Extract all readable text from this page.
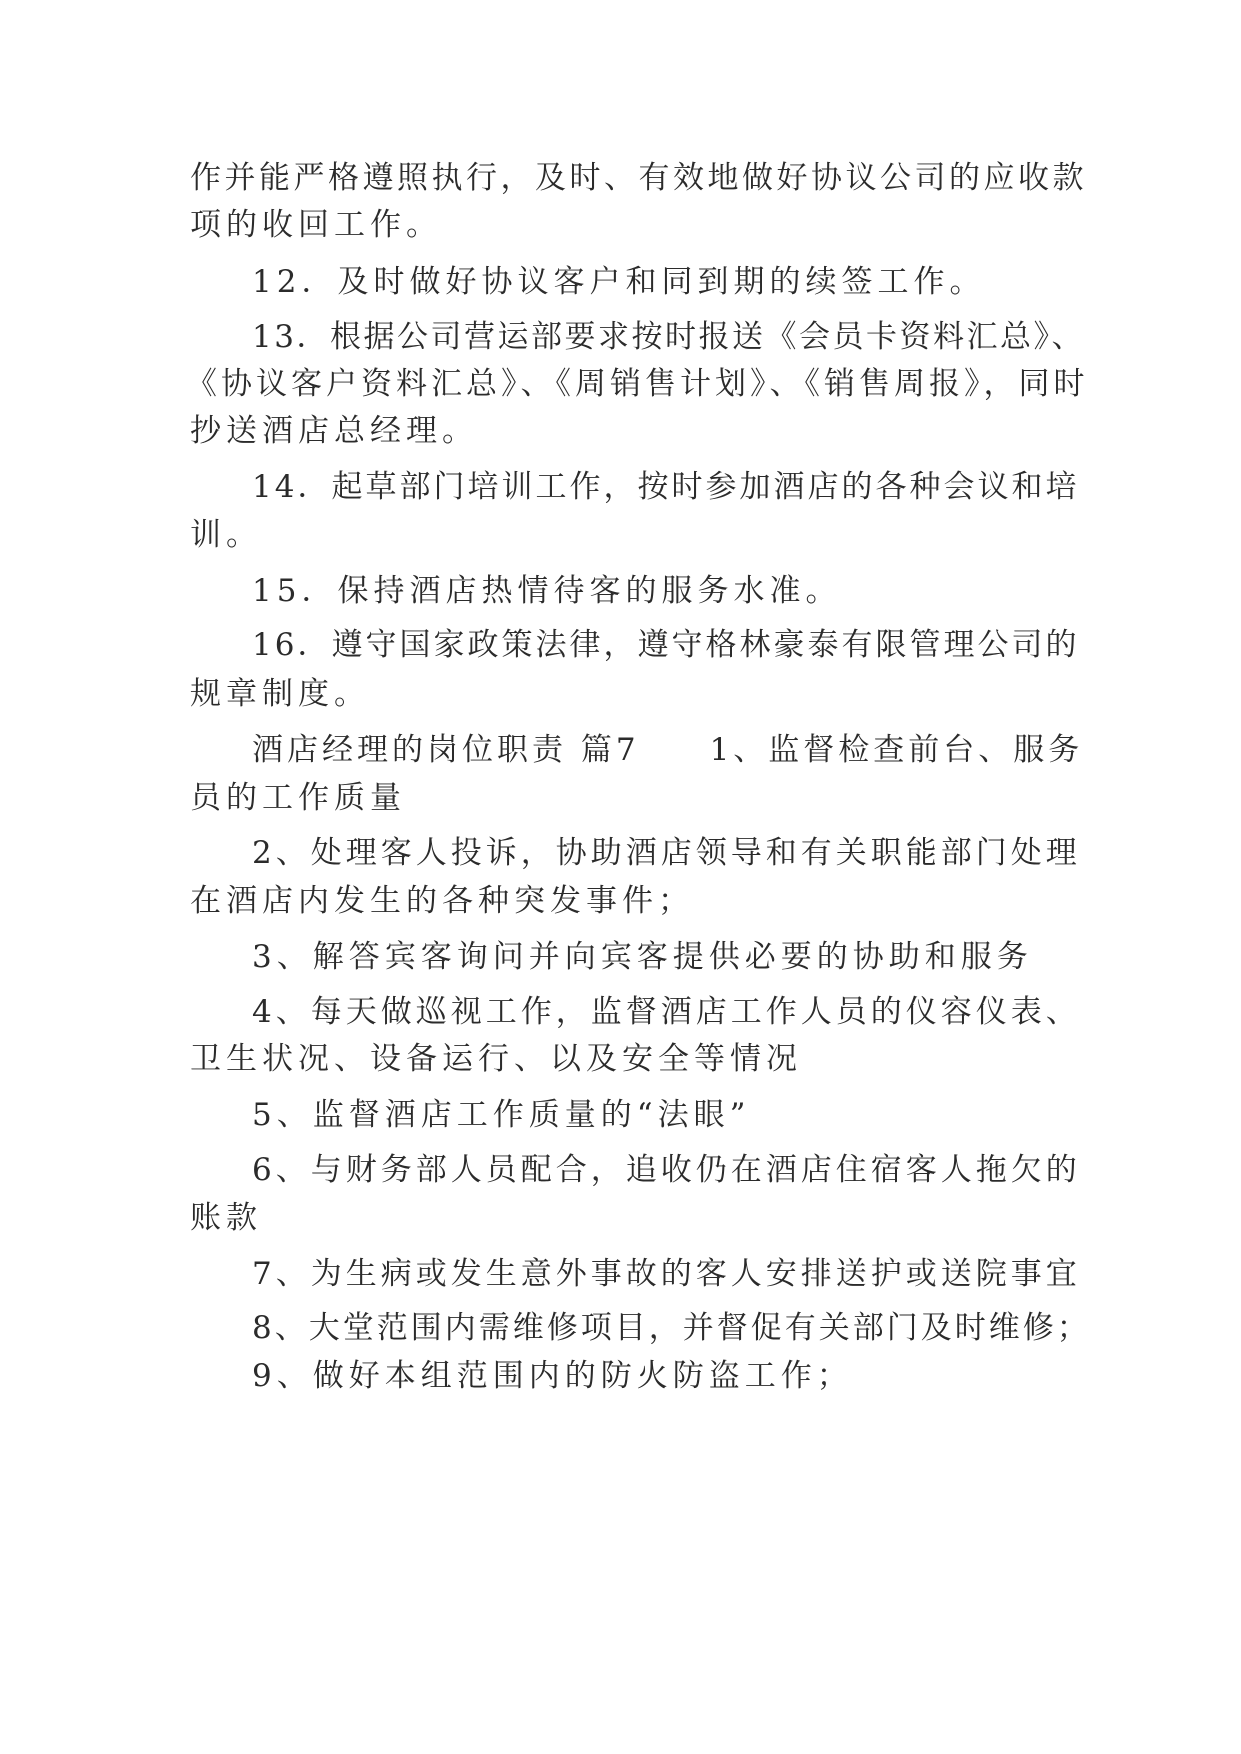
作并能严格遵照执行，及时、有效地做好协议公司的应收款
项的收回工作。
12．及时做好协议客户和同到期的续签工作。
13．根据公司营运部要求按时报送《会员卡资料汇总》、
《协议客户资料汇总》、《周销售计划》、《销售周报》，同时
抄送酒店总经理。
14．起草部门培训工作，按时参加酒店的各种会议和培
训。
15．保持酒店热情待客的服务水准。
16．遵守国家政策法律，遵守格林豪泰有限管理公司的
规章制度。
酒店经理的岗位职责 篇7　　1、监督检查前台、服务
员的工作质量
2、处理客人投诉，协助酒店领导和有关职能部门处理
在酒店内发生的各种突发事件；
3、解答宾客询问并向宾客提供必要的协助和服务
4、每天做巡视工作，监督酒店工作人员的仪容仪表、
卫生状况、设备运行、以及安全等情况
5、监督酒店工作质量的“法眼”
6、与财务部人员配合，追收仍在酒店住宿客人拖欠的
账款
7、为生病或发生意外事故的客人安排送护或送院事宜
8、大堂范围内需维修项目，并督促有关部门及时维修；
9、做好本组范围内的防火防盗工作；
